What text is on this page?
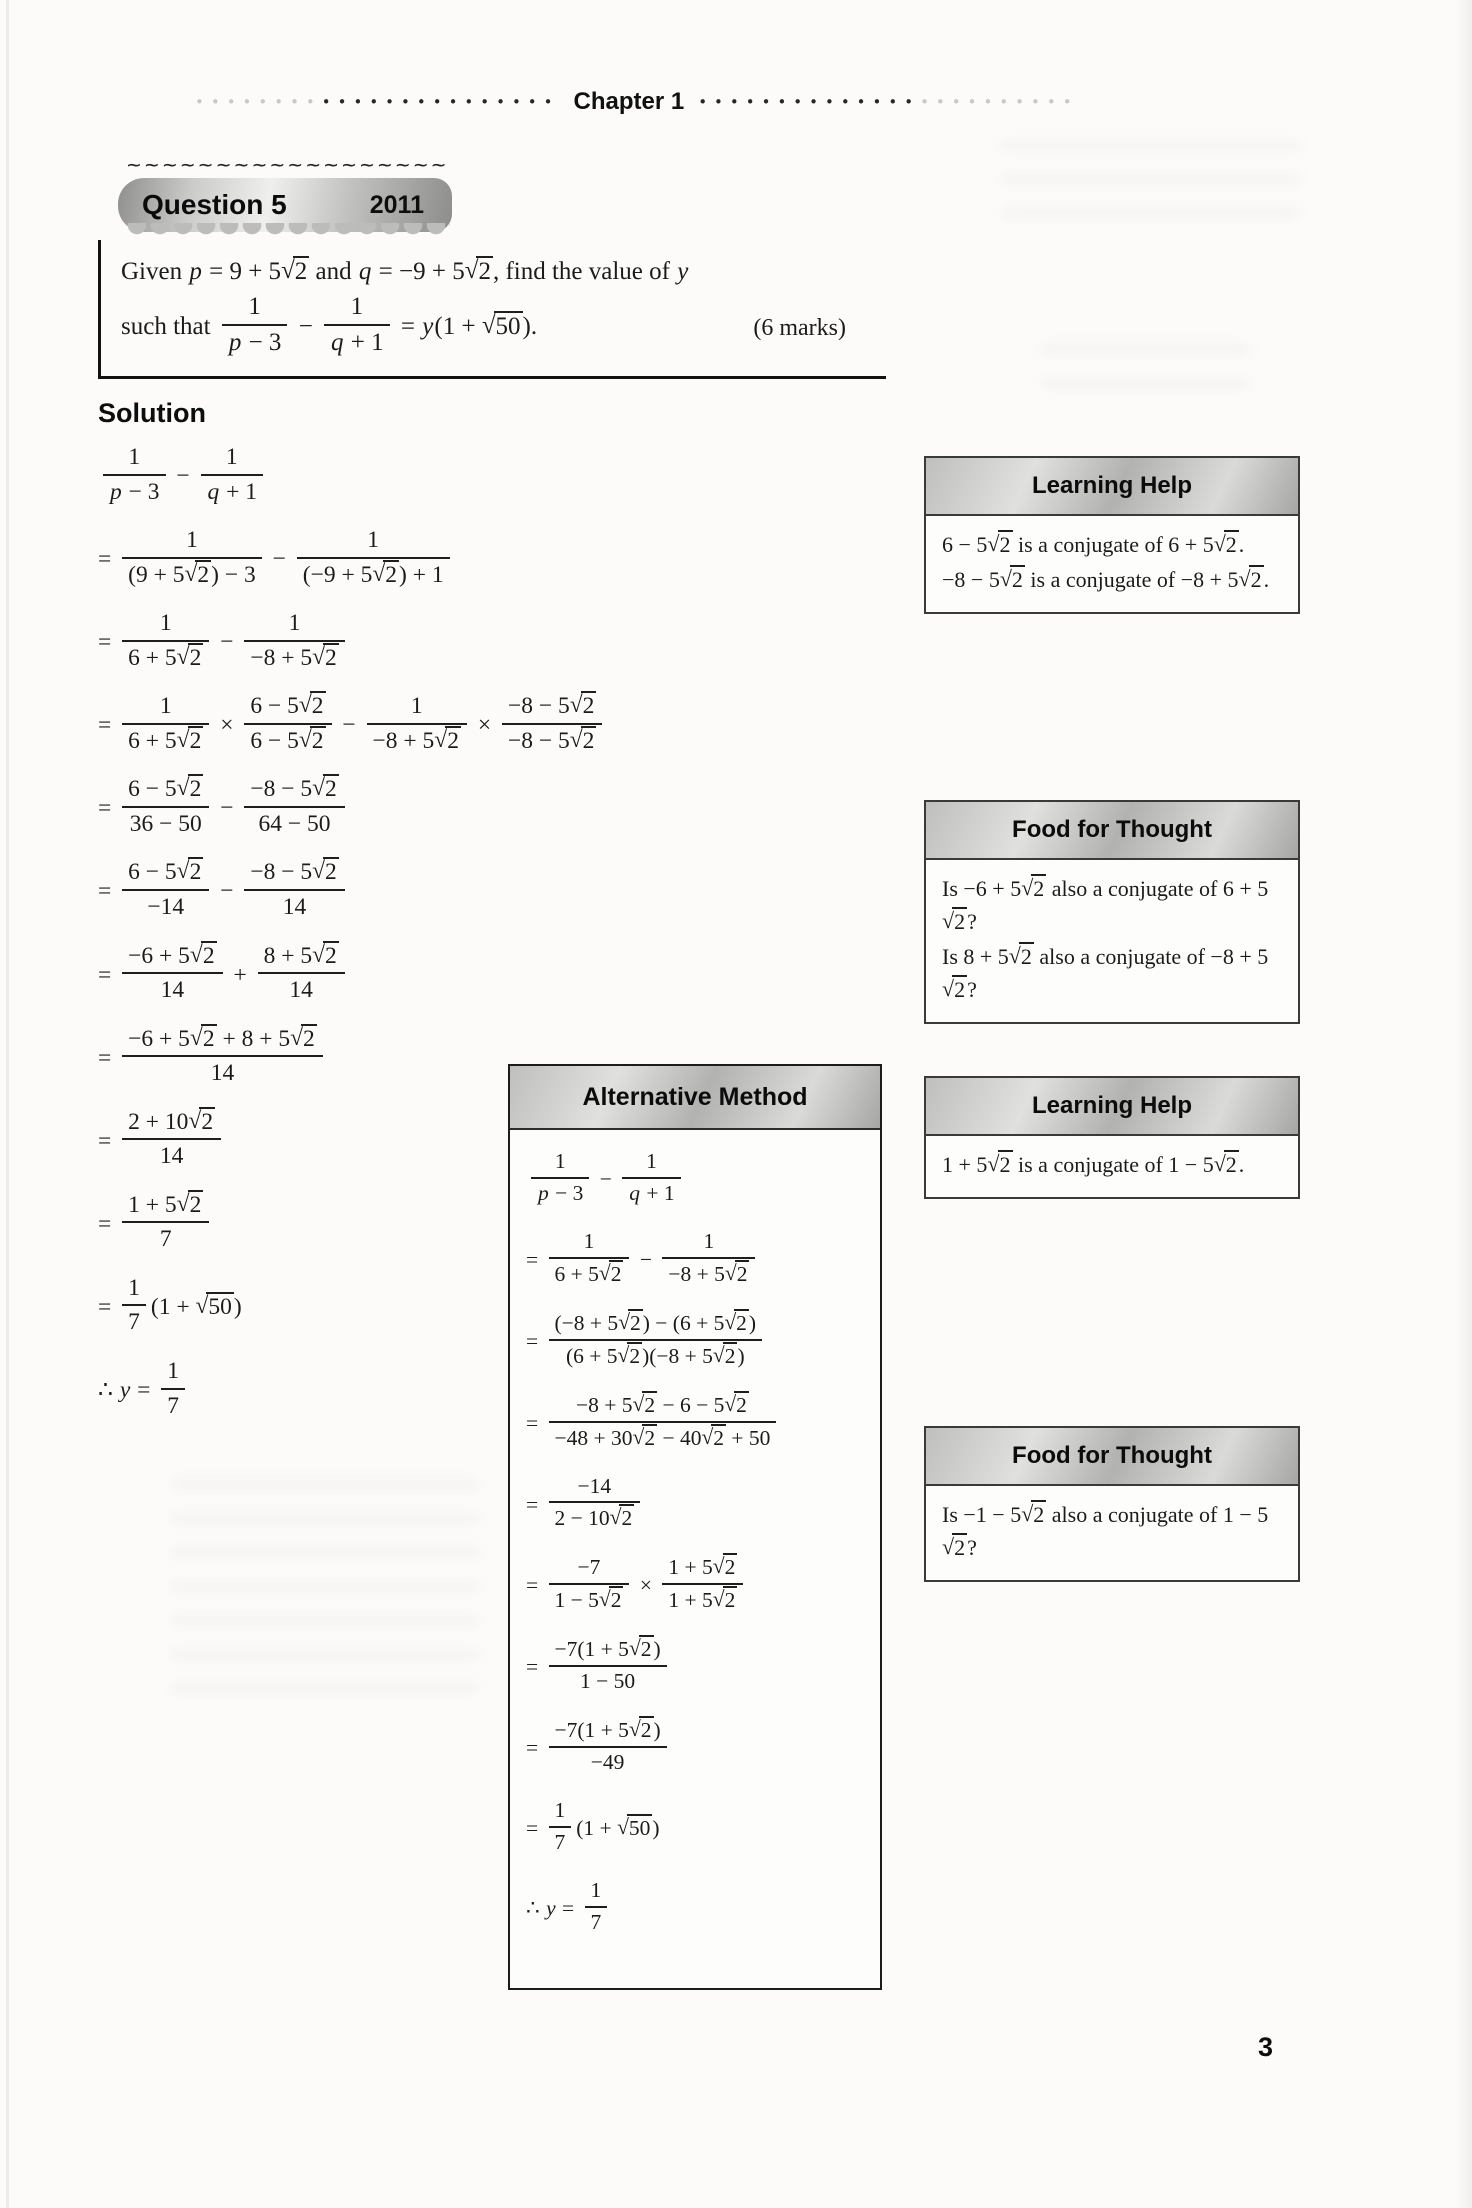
•••••••• ••••••••••••••• Chapter 1 •••••••••••••• ••••••••••
~~~~~~~~~~~~~~~~~~
Question 5	2011
Given p = 9 + 5√2 and q = −9 + 5√2, find the value of y
such that $\frac{1}{p - 3} - \frac{1}{q + 1} = y(1 + √50)$.	(6 marks)
Solution
$\frac{1}{p - 3} - \frac{1}{q + 1}$
= $\frac{1}{(9 + 5√2) - 3} - \frac{1}{(-9 + 5√2) + 1}$
= $\frac{1}{6 + 5√2} - \frac{1}{-8 + 5√2}$
= $\frac{1}{6 + 5√2} \times \frac{6 - 5√2}{6 - 5√2} - \frac{1}{-8 + 5√2} \times \frac{-8 - 5√2}{-8 - 5√2}$
= $\frac{6 - 5√2}{36 - 50} - \frac{-8 - 5√2}{64 - 50}$
= $\frac{6 - 5√2}{-14} - \frac{-8 - 5√2}{14}$
= $\frac{-6 + 5√2}{14} + \frac{8 + 5√2}{14}$
= $\frac{-6 + 5√2 + 8 + 5√2}{14}$
= $\frac{2 + 10√2}{14}$
= $\frac{1 + 5√2}{7}$
= $\frac{1}{7} (1 + √50)$
∴ $y = \frac{1}{7}$
Alternative Method
$\frac{1}{p - 3} - \frac{1}{q + 1}$
= $\frac{1}{6 + 5√2} - \frac{1}{-8 + 5√2}$
= $\frac{(-8 + 5√2) - (6 + 5√2)}{(6 + 5√2)(-8 + 5√2)}$
= $\frac{-8 + 5√2 - 6 - 5√2}{-48 + 30√2 - 40√2 + 50}$
= $\frac{-14}{2 - 10√2}$
= $\frac{-7}{1 - 5√2} \times \frac{1 + 5√2}{1 + 5√2}$
= $\frac{-7(1 + 5√2)}{1 - 50}$
= $\frac{-7(1 + 5√2)}{-49}$
= $\frac{1}{7} (1 + √50)$
∴ $y = \frac{1}{7}$
Learning Help
6 − 5√2 is a conjugate of 6 + 5√2.
−8 − 5√2 is a conjugate of −8 + 5√2.
Food for Thought
Is −6 + 5√2 also a conjugate of 6 + 5√2?
Is 8 + 5√2 also a conjugate of −8 + 5√2?
Learning Help
1 + 5√2 is a conjugate of 1 − 5√2.
Food for Thought
Is −1 − 5√2 also a conjugate of 1 − 5√2?
3
